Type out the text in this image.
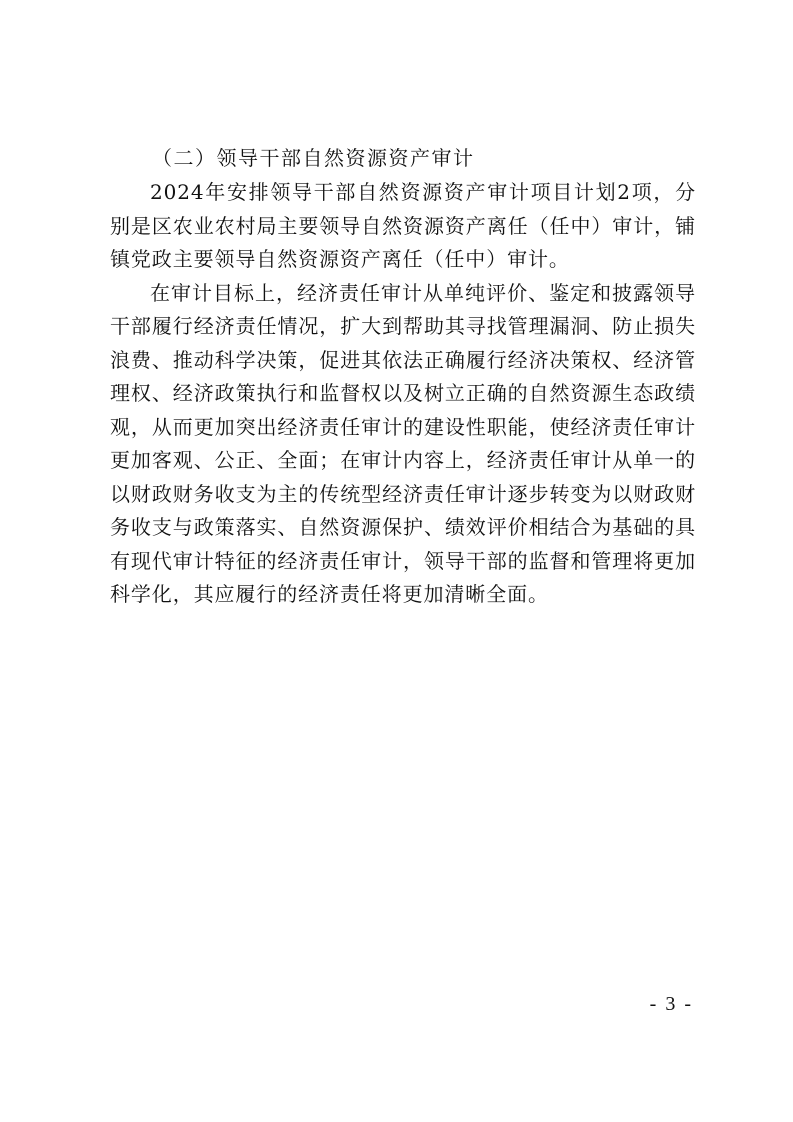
（二）领导干部自然资源资产审计

2024年安排领导干部自然资源资产审计项目计划2项，分别是区农业农村局主要领导自然资源资产离任（任中）审计，铺镇党政主要领导自然资源资产离任（任中）审计。

在审计目标上，经济责任审计从单纯评价、鉴定和披露领导干部履行经济责任情况，扩大到帮助其寻找管理漏洞、防止损失浪费、推动科学决策，促进其依法正确履行经济决策权、经济管理权、经济政策执行和监督权以及树立正确的自然资源生态政绩观，从而更加突出经济责任审计的建设性职能，使经济责任审计更加客观、公正、全面；在审计内容上，经济责任审计从单一的以财政财务收支为主的传统型经济责任审计逐步转变为以财政财务收支与政策落实、自然资源保护、绩效评价相结合为基础的具有现代审计特征的经济责任审计，领导干部的监督和管理将更加科学化，其应履行的经济责任将更加清晰全面。

- 3 -
